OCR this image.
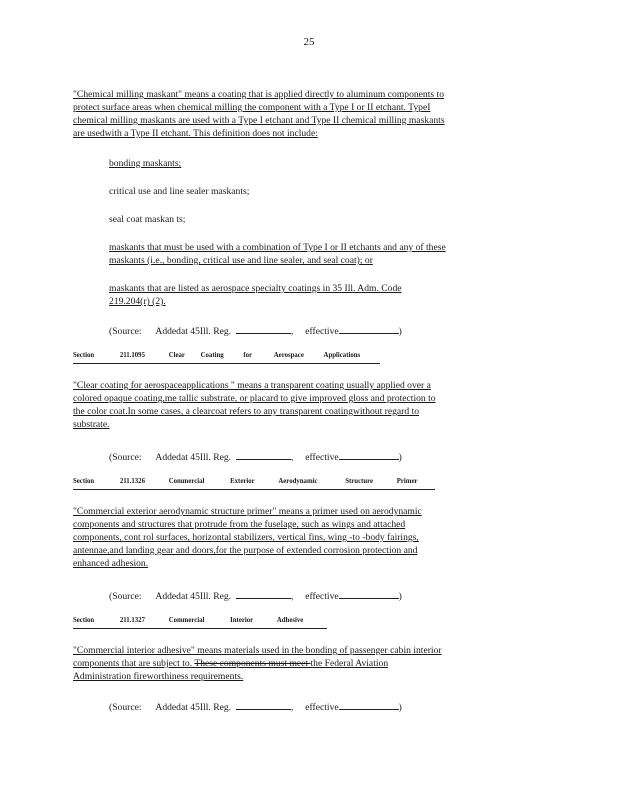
25
"Chemical milling maskant" means a coating that is applied directly to aluminum components to
protect surface areas when chemical milling the component with a Type I or II etchant. TypeI
chemical milling maskants are used with a Type I etchant and Type II chemical milling maskants
are usedwith a Type II etchant. This definition does not include:
bonding maskants;
critical use and line sealer maskants;
seal coat maskan ts;
maskants that must be used with a combination of Type I or II etchants and any of these
maskants (i.e., bonding, critical use and line sealer, and seal coat); or
maskants that are listed as aerospace specialty coatings in 35 Ill. Adm. Code
219.204(r) (2).
(Source: Addedat 45Ill. Reg.	,     effective	)
Section	211.1095	Clear Coating	for	Aerospace	Applications
"Clear coating for aerospaceapplications " means a transparent coating usually applied over a
colored opaque coating,me tallic substrate, or placard to give improved gloss and protection to
the color coat.In some cases, a clearcoat refers to any transparent coatingwithout regard to
substrate.
(Source: Addedat 45Ill. Reg.	,     effective	)
Section	211.1326	Commercial	Exterior	Aerodynamic	Structure	Primer
"Commercial exterior aerodynamic structure primer" means a primer used on aerodynamic
components and structures that protrude from the fuselage, such as wings and attached
components, cont rol surfaces, horizontal stabilizers, vertical fins, wing -to -body fairings,
antennae,and landing gear and doors,for the purpose of extended corrosion protection and
enhanced adhesion.
(Source: Addedat 45Ill. Reg.	,     effective	)
Section	211.1327	Commercial	Interior	Adhesive
"Commercial interior adhesive" means materials used in the bonding of passenger cabin interior
components that are subject to. These components must meet the Federal Aviation
Administration fireworthiness requirements.
(Source: Addedat 45Ill. Reg.	,     effective	)
